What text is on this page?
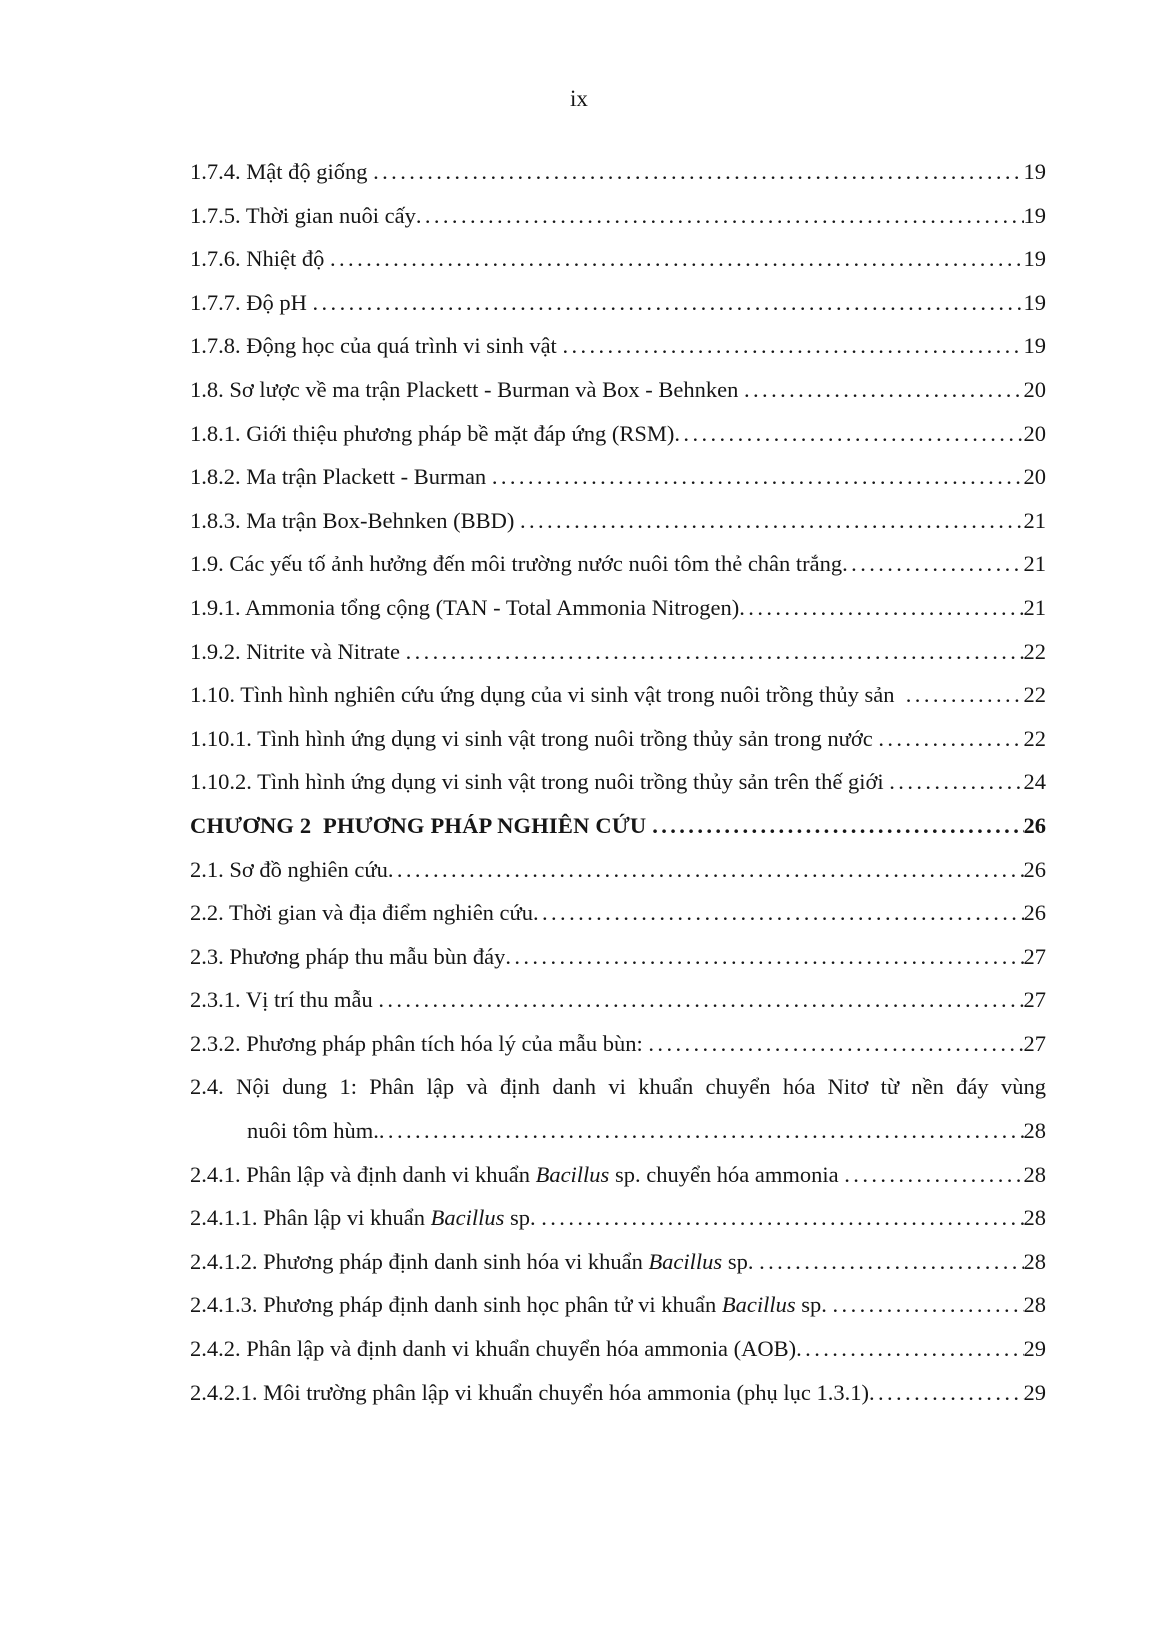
ix
1.7.4. Mật độ giống .....	19
1.7.5. Thời gian nuôi cấy .....	19
1.7.6. Nhiệt độ .....	19
1.7.7. Độ pH .....	19
1.7.8. Động học của quá trình vi sinh vật .....	19
1.8. Sơ lược về ma trận Plackett - Burman và Box - Behnken .....	20
1.8.1. Giới thiệu phương pháp bề mặt đáp ứng (RSM) .....	20
1.8.2. Ma trận Plackett - Burman .....	20
1.8.3. Ma trận Box-Behnken (BBD) .....	21
1.9. Các yếu tố ảnh hưởng đến môi trường nước nuôi tôm thẻ chân trắng .....	21
1.9.1. Ammonia tổng cộng (TAN - Total Ammonia Nitrogen) .....	21
1.9.2. Nitrite và Nitrate .....	22
1.10. Tình hình nghiên cứu ứng dụng của vi sinh vật trong nuôi trồng thủy sản .....	22
1.10.1. Tình hình ứng dụng vi sinh vật trong nuôi trồng thủy sản trong nước .....	22
1.10.2. Tình hình ứng dụng vi sinh vật trong nuôi trồng thủy sản trên thế giới .....	24
CHƯƠNG 2  PHƯƠNG PHÁP NGHIÊN CỨU .....	26
2.1. Sơ đồ nghiên cứu .....	26
2.2. Thời gian và địa điểm nghiên cứu .....	26
2.3. Phương pháp thu mẫu bùn đáy .....	27
2.3.1. Vị trí thu mẫu .....	27
2.3.2. Phương pháp phân tích hóa lý của mẫu bùn: .....	27
2.4. Nội dung 1: Phân lập và định danh vi khuẩn chuyển hóa Nitơ từ nền đáy vùng
nuôi tôm hùm. .....	28
2.4.1. Phân lập và định danh vi khuẩn Bacillus sp. chuyển hóa ammonia .....	28
2.4.1.1. Phân lập vi khuẩn Bacillus sp. .....	28
2.4.1.2. Phương pháp định danh sinh hóa vi khuẩn Bacillus sp. .....	28
2.4.1.3. Phương pháp định danh sinh học phân tử vi khuẩn Bacillus sp. .....	28
2.4.2. Phân lập và định danh vi khuẩn chuyển hóa ammonia (AOB) .....	29
2.4.2.1. Môi trường phân lập vi khuẩn chuyển hóa ammonia (phụ lục 1.3.1) .....	29
